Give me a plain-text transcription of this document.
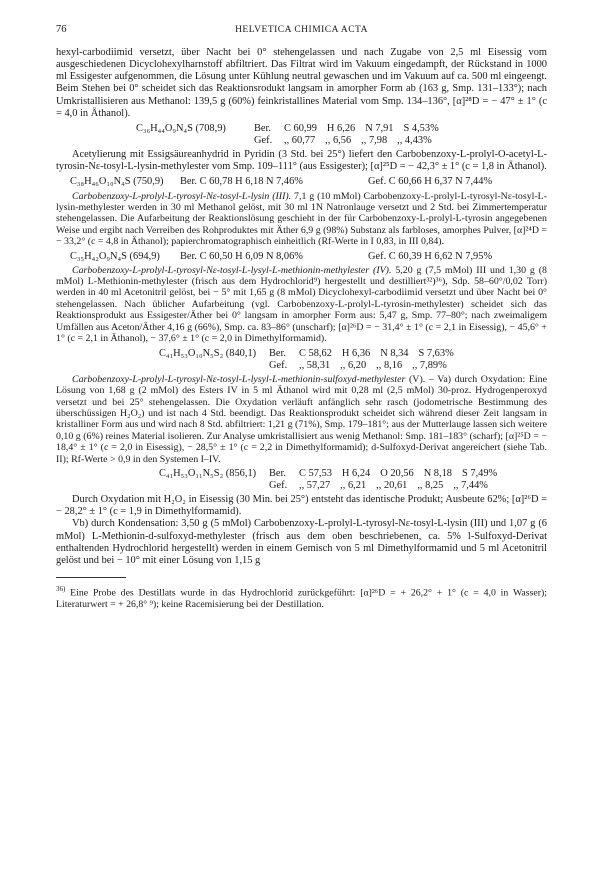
76	HELVETICA CHIMICA ACTA

hexyl-carbodiimid versetzt, über Nacht bei 0° stehengelassen und nach Zugabe von 2,5 ml Eisessig vom ausgeschiedenen Dicyclohexylharnstoff abfiltriert. Das Filtrat wird im Vakuum eingedampft, der Rückstand in 1000 ml Essigester aufgenommen, die Lösung unter Kühlung neutral gewaschen und im Vakuum auf ca. 500 ml eingeengt. Beim Stehen bei 0° scheidet sich das Reaktionsrodukt langsam in amorpher Form ab (163 g, Smp. 131–133°); nach Umkristallisieren aus Methanol: 139,5 g (60%) feinkristallines Material vom Smp. 134–136°, [α]²⁸D = − 47° ± 1° (c = 4,0 in Äthanol).

C₃₆H₄₄O₉N₄S (708,9)	Ber. C 60,99 H 6,26 N 7,91 S 4,53%
Gef. ,, 60,77 ,, 6,56 ,, 7,98 ,, 4,43%

Acetylierung mit Essigsäureanhydrid in Pyridin (3 Std. bei 25°) liefert den Carbobenzoxy-L-prolyl-O-acetyl-L-tyrosin-Nε-tosyl-L-lysin-methylester vom Smp. 109–111° (aus Essigester); [α]²⁵D = − 42,3° ± 1° (c = 1,8 in Äthanol).

C₃₈H₄₆O₁₀N₄S (750,9)	Ber. C 60,78 H 6,18 N 7,46%	Gef. C 60,66 H 6,37 N 7,44%

Carbobenzoxy-L-prolyl-L-tyrosyl-Nε-tosyl-L-lysin (III). 7,1 g (10 mMol) Carbobenzoxy-L-prolyl-L-tyrosyl-Nε-tosyl-L-lysin-methylester werden in 30 ml Methanol gelöst, mit 30 ml 1N Natronlauge versetzt und 2 Std. bei Zimmertemperatur stehengelassen. Die Aufarbeitung der Reaktionslösung geschieht in der für Carbobenzoxy-L-prolyl-L-tyrosin angegebenen Weise und ergibt nach Verreiben des Rohproduktes mit Äther 6,9 g (98%) Substanz als farbloses, amorphes Pulver, [α]²⁴D = − 33,2° (c = 4,8 in Äthanol); papierchromatographisch einheitlich (Rf-Werte in I 0,83, in III 0,84).

C₃₅H₄₂O₉N₄S (694,9)	Ber. C 60,50 H 6,09 N 8,06%	Gef. C 60,39 H 6,62 N 7,95%

Carbobenzoxy-L-prolyl-L-tyrosyl-Nε-tosyl-L-lysyl-L-methionin-methylester (IV). 5,20 g (7,5 mMol) III und 1,30 g (8 mMol) L-Methionin-methylester (frisch aus dem Hydrochlorid⁹) hergestellt und destilliert³²)³⁶), Sdp. 58–60°/0,02 Torr) werden in 40 ml Acetonitril gelöst, bei − 5° mit 1,65 g (8 mMol) Dicyclohexyl-carbodiimid versetzt und über Nacht bei 0° stehengelassen. Nach üblicher Aufarbeitung (vgl. Carbobenzoxy-L-prolyl-L-tyrosin-methylester) scheidet sich das Reaktionsprodukt aus Essigester/Äther bei 0° langsam in amorpher Form aus: 5,47 g, Smp. 77–80°; nach zweimaligem Umfällen aus Aceton/Äther 4,16 g (66%), Smp. ca. 83–86° (unscharf); [α]²⁶D = − 31,4° ± 1° (c = 2,1 in Eisessig), − 45,6° + 1° (c = 2,1 in Äthanol), − 37,6° ± 1° (c = 2,0 in Dimethylformamid).

C₄₁H₅₃O₁₀N₅S₂ (840,1)	Ber. C 58,62 H 6,36 N 8,34 S 7,63%
Gef. ,, 58,31 ,, 6,20 ,, 8,16 ,, 7,89%

Carbobenzoxy-L-prolyl-L-tyrosyl-Nε-tosyl-L-lysyl-L-methionin-sulfoxyd-methylester (V). – Va) durch Oxydation: Eine Lösung von 1,68 g (2 mMol) des Esters IV in 5 ml Äthanol wird mit 0,28 ml (2,5 mMol) 30-proz. Hydrogenperoxyd versetzt und bei 25° stehengelassen. Die Oxydation verläuft anfänglich sehr rasch (jodometrische Bestimmung des überschüssigen H₂O₂) und ist nach 4 Std. beendigt. Das Reaktionsprodukt scheidet sich während dieser Zeit langsam in kristalliner Form aus und wird nach 8 Std. abfiltriert: 1,21 g (71%), Smp. 179–181°; aus der Mutterlauge lassen sich weitere 0,10 g (6%) reines Material isolieren. Zur Analyse umkristallisiert aus wenig Methanol: Smp. 181–183° (scharf); [α]²⁵D = − 18,4° ± 1° (c = 2,0 in Eisessig), − 28,5° ± 1° (c = 2,2 in Dimethylformamid); d-Sulfoxyd-Derivat angereichert (siehe Tab. II); Rf-Werte > 0,9 in den Systemen I–IV.

C₄₁H₅₃O₁₁N₅S₂ (856,1)	Ber. C 57,53 H 6,24 O 20,56 N 8,18 S 7,49%
Gef. ,, 57,27 ,, 6,21 ,, 20,61 ,, 8,25 ,, 7,44%

Durch Oxydation mit H₂O₂ in Eisessig (30 Min. bei 25°) entsteht das identische Produkt; Ausbeute 62%; [α]²⁶D = − 28,2° ± 1° (c = 1,9 in Dimethylformamid).

Vb) durch Kondensation: 3,50 g (5 mMol) Carbobenzoxy-L-prolyl-L-tyrosyl-Nε-tosyl-L-lysin (III) und 1,07 g (6 mMol) L-Methionin-d-sulfoxyd-methylester (frisch aus dem oben beschriebenen, ca. 5% l-Sulfoxyd-Derivat enthaltenden Hydrochlorid hergestellt) werden in einem Gemisch von 5 ml Dimethylformamid und 5 ml Acetonitril gelöst und bei − 10° mit einer Lösung von 1,15 g

$^{36)}$ Eine Probe des Destillats wurde in das Hydrochlorid zurückgeführt: [α]²⁶D = + 26,2° + 1° (c = 4,0 in Wasser); Literaturwert = + 26,8° ⁹); keine Racemisierung bei der Destillation.
